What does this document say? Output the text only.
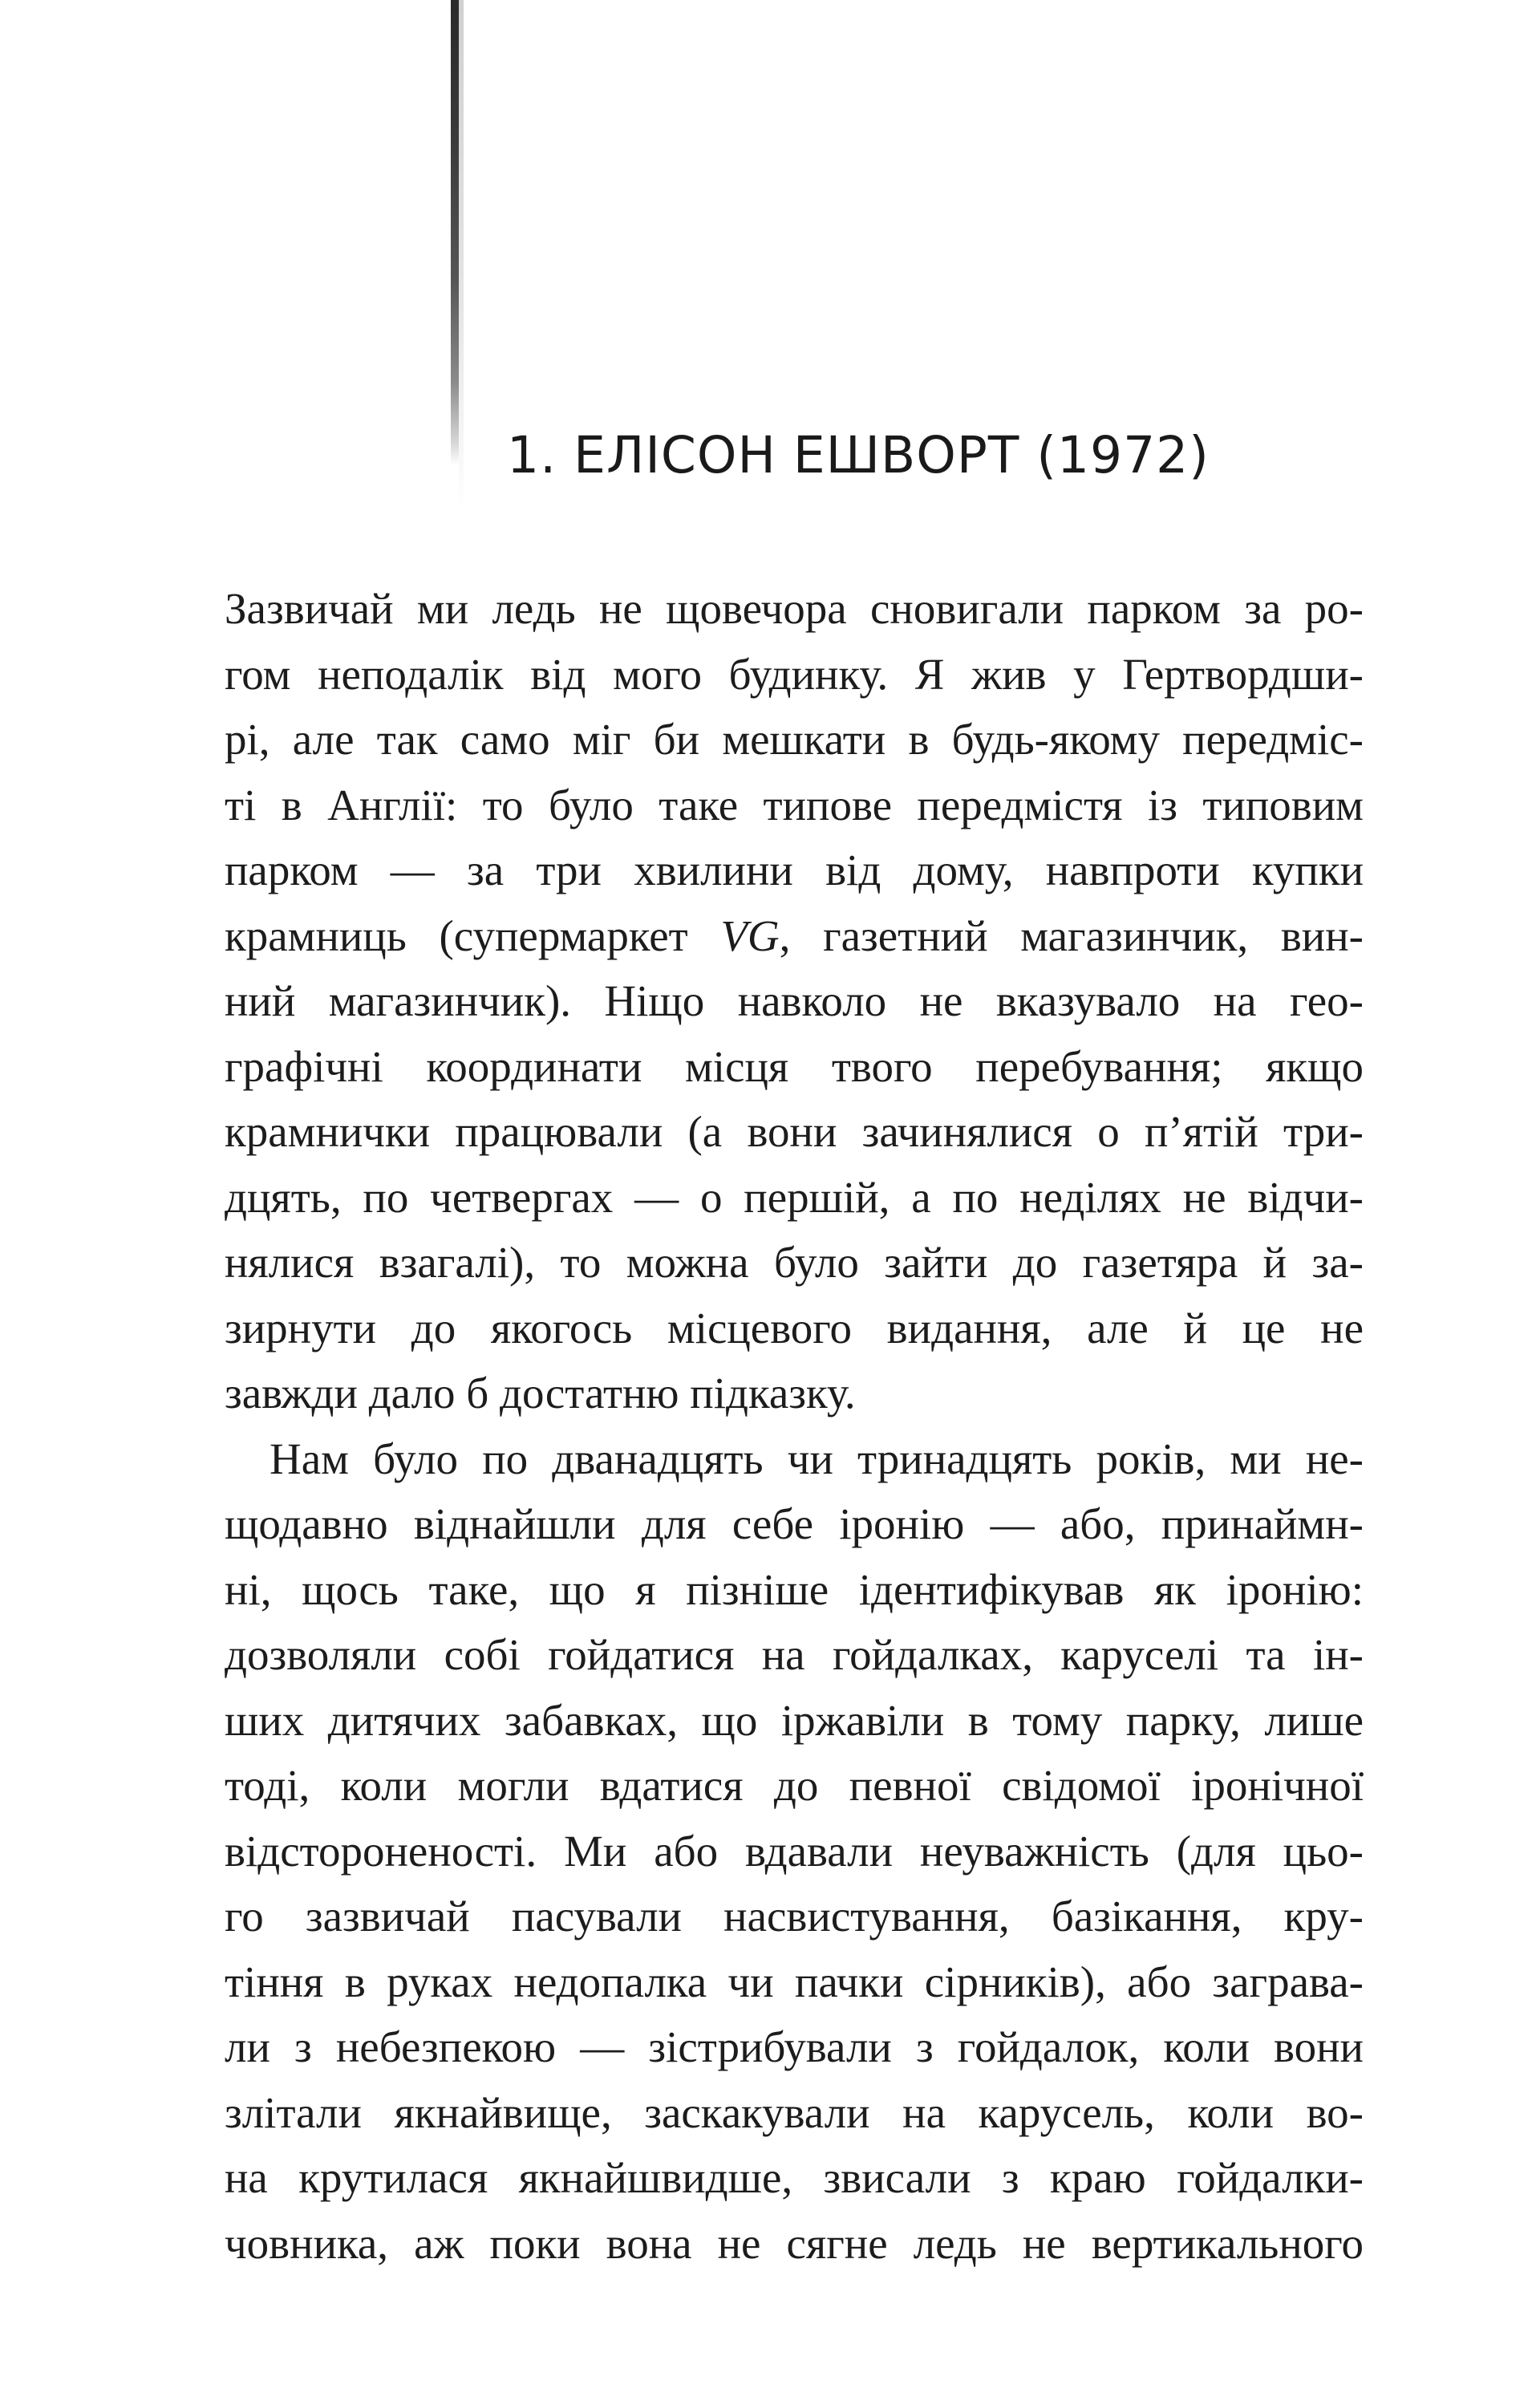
1. ЕЛІСОН ЕШВОРТ (1972)
Зазвичай ми ледь не щовечора сновигали парком за ро-
гом неподалік від мого будинку. Я жив у Гертвордши-
рі, але так само міг би мешкати в будь-якому передміс-
ті в Англії: то було таке типове передмістя із типовим
парком — за три хвилини від дому, навпроти купки
крамниць (супермаркет VG, газетний магазинчик, вин-
ний магазинчик). Ніщо навколо не вказувало на гео-
графічні координати місця твого перебування; якщо
крамнички працювали (а вони зачинялися о п’ятій три-
дцять, по четвергах — о першій, а по неділях не відчи-
нялися взагалі), то можна було зайти до газетяра й за-
зирнути до якогось місцевого видання, але й це не
завжди дало б достатню підказку.
Нам було по дванадцять чи тринадцять років, ми не-
щодавно віднайшли для себе іронію — або, принаймн-
ні, щось таке, що я пізніше ідентифікував як іронію:
дозволяли собі гойдатися на гойдалках, каруселі та ін-
ших дитячих забавках, що іржавіли в тому парку, лише
тоді, коли могли вдатися до певної свідомої іронічної
відстороненості. Ми або вдавали неуважність (для цьо-
го зазвичай пасували насвистування, базікання, кру-
тіння в руках недопалка чи пачки сірників), або заграва-
ли з небезпекою — зістрибували з гойдалок, коли вони
злітали якнайвище, заскакували на карусель, коли во-
на крутилася якнайшвидше, звисали з краю гойдалки-
човника, аж поки вона не сягне ледь не вертикального
